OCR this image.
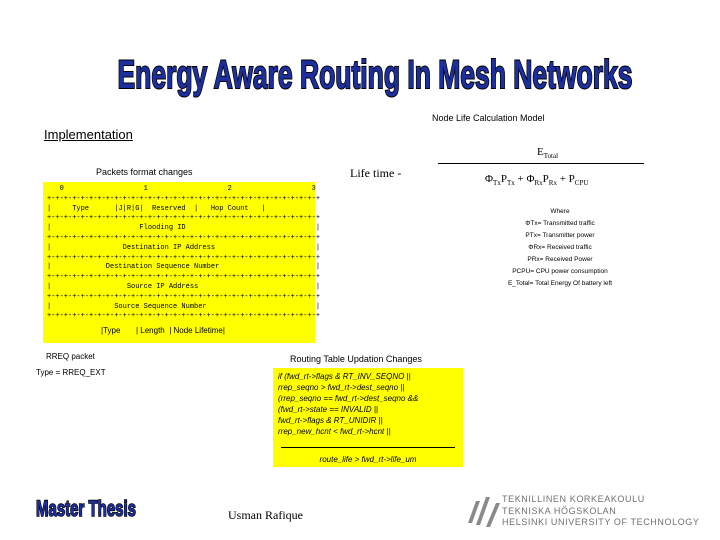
Energy Aware Routing In Mesh Networks
Node Life Calculation Model
Implementation
Packets format changes	Life time -
$E_{Total}$
$\Phi_{Tx}P_{Tx} + \Phi_{Rx}P_{Rx} + P_{CPU}$
Where
ΦTx= Transmitted traffic
PTx= Transmitter power
ΦRx= Received traffic
PRx= Received Power
PCPU= CPU power consumption
E_Total= Total Energy Of battery left
0                   1                   2                   3
+-+-+-+-+-+-+-+-+-+-+-+-+-+-+-+-+-+-+-+-+-+-+-+-+-+-+-+-+-+-+-+-+
|     Type      |J|R|G|  Reserved  |   Hop Count   |
+-+-+-+-+-+-+-+-+-+-+-+-+-+-+-+-+-+-+-+-+-+-+-+-+-+-+-+-+-+-+-+-+
|                     Flooding ID                               |
+-+-+-+-+-+-+-+-+-+-+-+-+-+-+-+-+-+-+-+-+-+-+-+-+-+-+-+-+-+-+-+-+
|                 Destination IP Address                        |
+-+-+-+-+-+-+-+-+-+-+-+-+-+-+-+-+-+-+-+-+-+-+-+-+-+-+-+-+-+-+-+-+
|             Destination Sequence Number                       |
+-+-+-+-+-+-+-+-+-+-+-+-+-+-+-+-+-+-+-+-+-+-+-+-+-+-+-+-+-+-+-+-+
|                  Source IP Address                            |
+-+-+-+-+-+-+-+-+-+-+-+-+-+-+-+-+-+-+-+-+-+-+-+-+-+-+-+-+-+-+-+-+
|               Source Sequence Number                          |
+-+-+-+-+-+-+-+-+-+-+-+-+-+-+-+-+-+-+-+-+-+-+-+-+-+-+-+-+-+-+-+-+
|Type       | Length  | Node Lifetime|
RREQ packet
Type = RREQ_EXT
Routing Table Updation Changes
if (fwd_rt->flags & RT_INV_SEQNO ||
rrep_seqno > fwd_rt->dest_seqno ||
(rrep_seqno == fwd_rt->dest_seqno &&
(fwd_rt->state == INVALID ||
fwd_rt->flags & RT_UNIDIR ||
rrep_new_hcnt < fwd_rt->hcnt ||
route_life > fwd_rt->life_um
Master Thesis	Usman Rafique
TEKNILLINEN KORKEAKOULU
TEKNISKA HÖGSKOLAN
HELSINKI UNIVERSITY OF TECHNOLOGY
